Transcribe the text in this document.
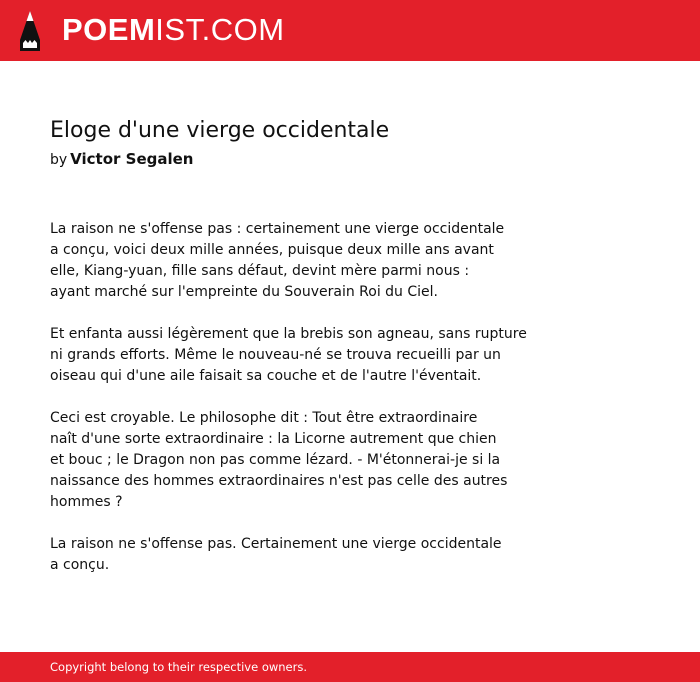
POEMIST.COM
Eloge d'une vierge occidentale
by Victor Segalen

La raison ne s'offense pas : certainement une vierge occidentale
a conçu, voici deux mille années, puisque deux mille ans avant
elle, Kiang-yuan, fille sans défaut, devint mère parmi nous :
ayant marché sur l'empreinte du Souverain Roi du Ciel.

Et enfanta aussi légèrement que la brebis son agneau, sans rupture
ni grands efforts. Même le nouveau-né se trouva recueilli par un
oiseau qui d'une aile faisait sa couche et de l'autre l'éventait.

Ceci est croyable. Le philosophe dit : Tout être extraordinaire
naît d'une sorte extraordinaire : la Licorne autrement que chien
et bouc ; le Dragon non pas comme lézard. - M'étonnerai-je si la
naissance des hommes extraordinaires n'est pas celle des autres
hommes ?

La raison ne s'offense pas. Certainement une vierge occidentale
a conçu.

Copyright belong to their respective owners.
